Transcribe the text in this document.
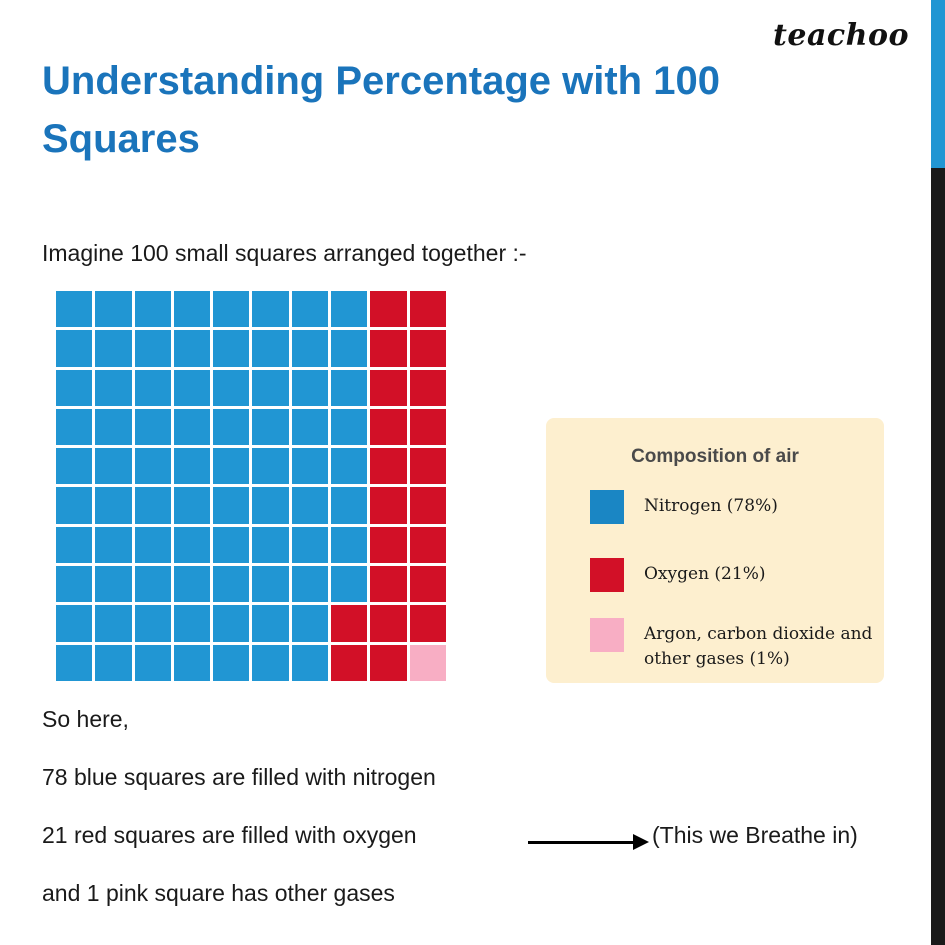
teachoo
Understanding Percentage with 100 Squares
Imagine 100 small squares arranged together :-
Composition of air
Nitrogen (78%)
Oxygen (21%)
Argon, carbon dioxide and other gases (1%)
So here,
78 blue squares are filled with nitrogen
21 red squares are filled with oxygen
and 1 pink square has other gases
(This we Breathe in)
